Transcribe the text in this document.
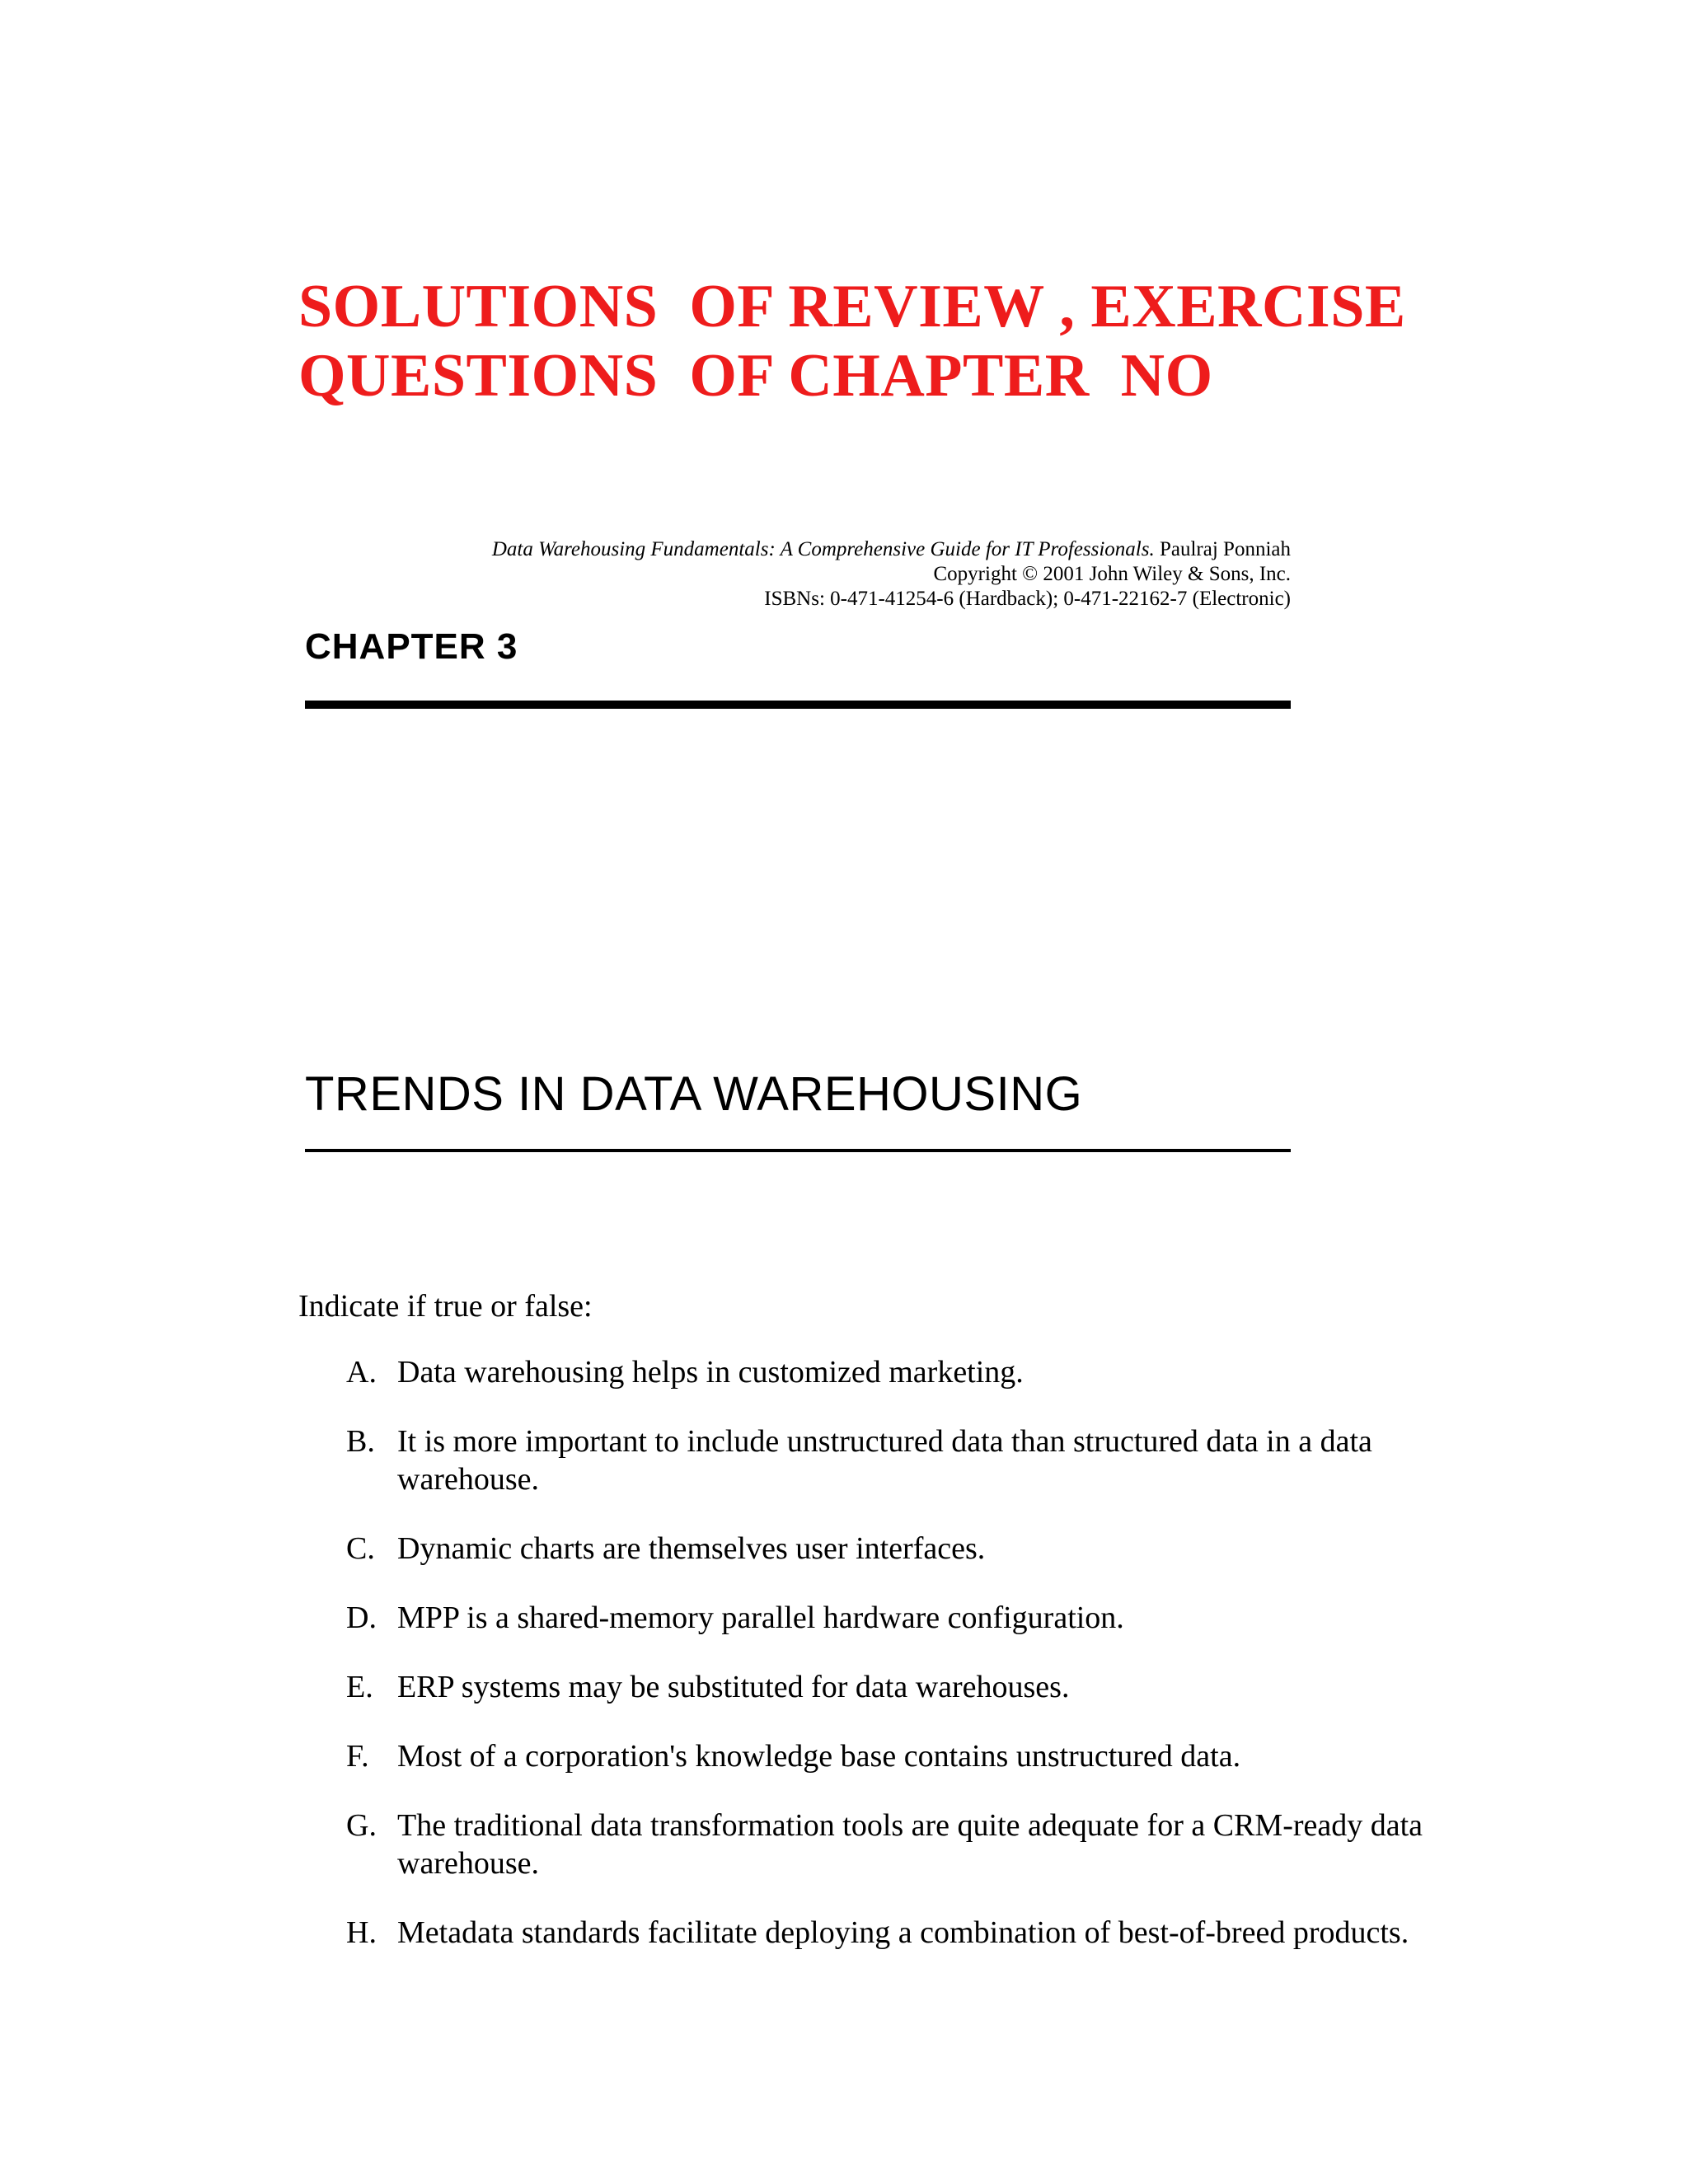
SOLUTIONS  OF REVIEW , EXERCISE
QUESTIONS  OF CHAPTER  NO
Data Warehousing Fundamentals: A Comprehensive Guide for IT Professionals. Paulraj Ponniah
Copyright © 2001 John Wiley & Sons, Inc.
ISBNs: 0-471-41254-6 (Hardback); 0-471-22162-7 (Electronic)
CHAPTER 3
TRENDS IN DATA WAREHOUSING
Indicate if true or false:
A. Data warehousing helps in customized marketing.
B. It is more important to include unstructured data than structured data in a data warehouse.
C. Dynamic charts are themselves user interfaces.
D. MPP is a shared-memory parallel hardware configuration.
E. ERP systems may be substituted for data warehouses.
F. Most of a corporation's knowledge base contains unstructured data.
G. The traditional data transformation tools are quite adequate for a CRM-ready data warehouse.
H. Metadata standards facilitate deploying a combination of best-of-breed products.
